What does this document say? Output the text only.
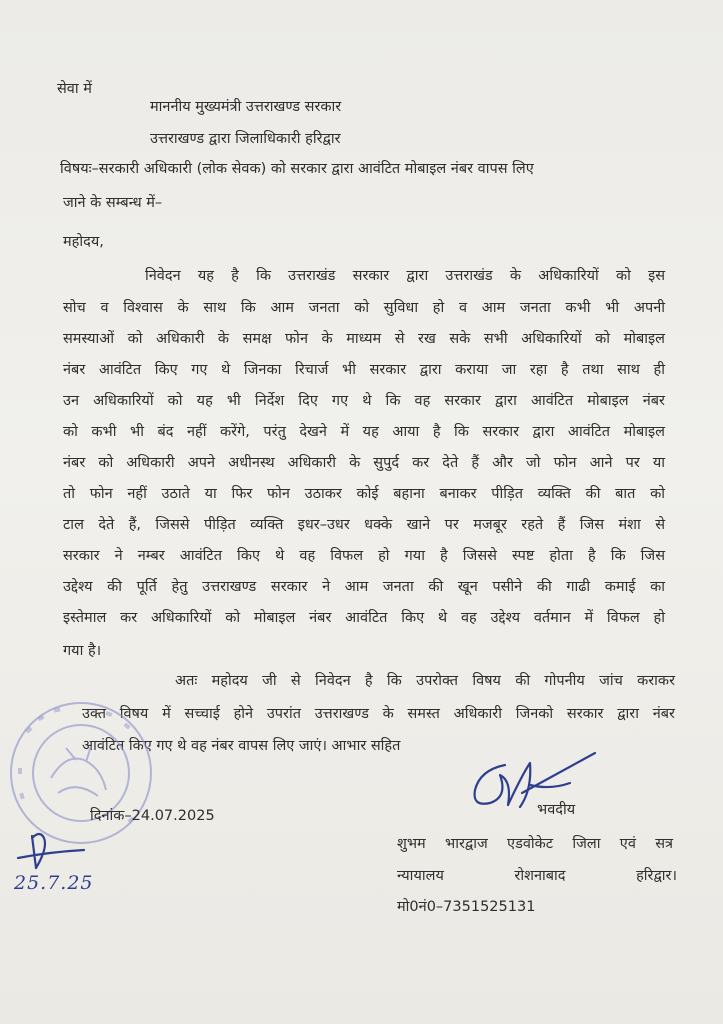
सेवा में
माननीय मुख्यमंत्री उत्तराखण्ड सरकार
उत्तराखण्ड द्वारा जिलाधिकारी हरिद्वार
विषयः–सरकारी अधिकारी (लोक सेवक) को सरकार द्वारा आवंटित मोबाइल नंबर वापस लिए
जाने के सम्बन्ध में–
महोदय,
निवेदन यह है कि उत्तराखंड सरकार द्वारा उत्तराखंड के अधिकारियों को इस
सोच व विश्वास के साथ कि आम जनता को सुविधा हो व आम जनता कभी भी अपनी
समस्याओं को अधिकारी के समक्ष फोन के माध्यम से रख सके सभी अधिकारियों को मोबाइल
नंबर आवंटित किए गए थे जिनका रिचार्ज भी सरकार द्वारा कराया जा रहा है तथा साथ ही
उन अधिकारियों को यह भी निर्देश दिए गए थे कि वह सरकार द्वारा आवंटित मोबाइल नंबर
को कभी भी बंद नहीं करेंगे, परंतु देखने में यह आया है कि सरकार द्वारा आवंटित मोबाइल
नंबर को अधिकारी अपने अधीनस्थ अधिकारी के सुपुर्द कर देते हैं और जो फोन आने पर या
तो फोन नहीं उठाते या फिर फोन उठाकर कोई बहाना बनाकर पीड़ित व्यक्ति की बात को
टाल देते हैं, जिससे पीड़ित व्यक्ति इधर–उधर धक्के खाने पर मजबूर रहते हैं जिस मंशा से
सरकार ने नम्बर आवंटित किए थे वह विफल हो गया है जिससे स्पष्ट होता है कि जिस
उद्देश्य की पूर्ति हेतु उत्तराखण्ड सरकार ने आम जनता की खून पसीने की गाढी कमाई का
इस्तेमाल कर अधिकारियों को मोबाइल नंबर आवंटित किए थे वह उद्देश्य वर्तमान में विफल हो
गया है।
अतः महोदय जी से निवेदन है कि उपरोक्त विषय की गोपनीय जांच कराकर
उक्त विषय में सच्चाई होने उपरांत उत्तराखण्ड के समस्त अधिकारी जिनको सरकार द्वारा नंबर
आवंटित किए गए थे वह नंबर वापस लिए जाएं। आभार सहित
भवदीय
दिनांक–24.07.2025
शुभम भारद्वाज एडवोकेट जिला एवं सत्र
न्यायालय	रोशनाबाद	हरिद्वार।
मो0नं0–7351525131
25.7.25
